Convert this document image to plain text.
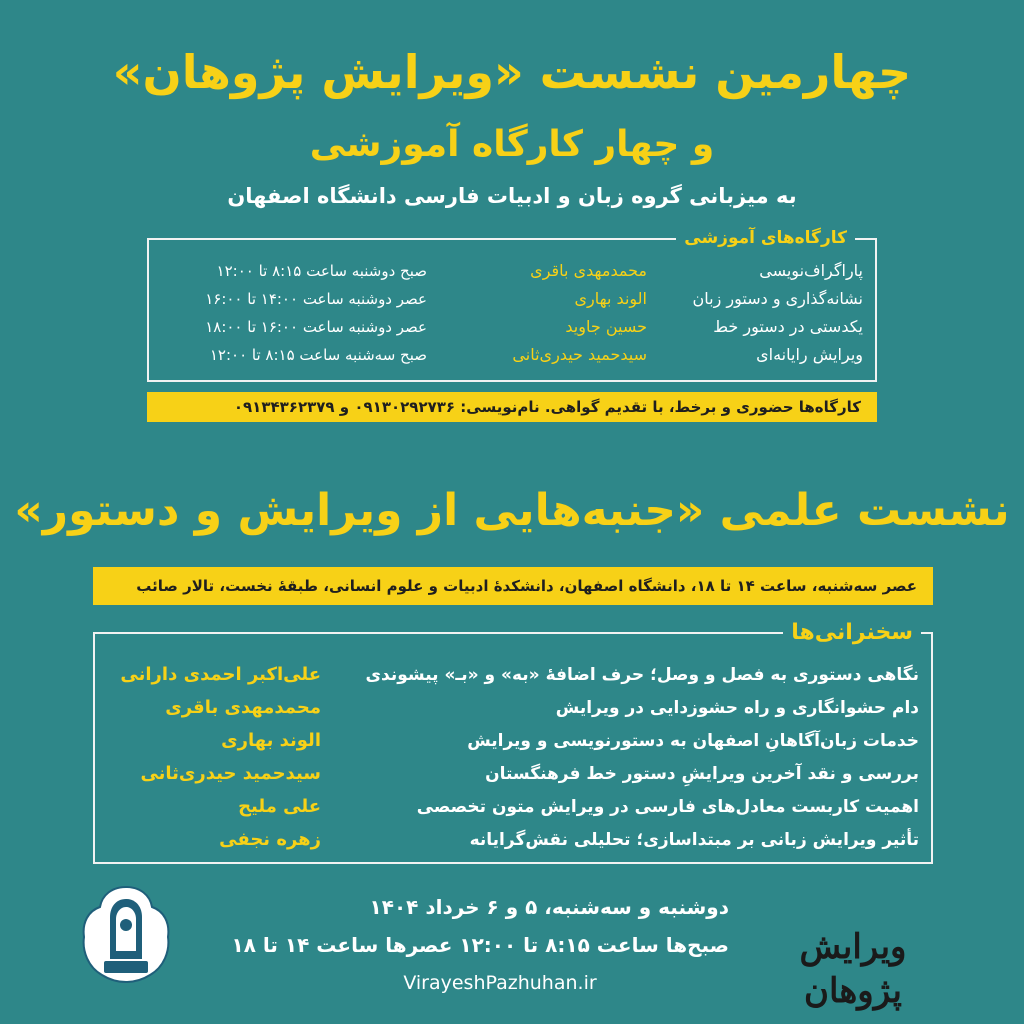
چهارمین نشست «ویرایش پژوهان»
و چهار کارگاه آموزشی
به میزبانی گروه زبان و ادبیات فارسی دانشگاه اصفهان
کارگاه‌های آموزشی
پاراگراف‌نویسی
محمدمهدی باقری
صبح دوشنبه ساعت ۸:۱۵ تا ۱۲:۰۰
نشانه‌گذاری و دستور زبان
الوند بهاری
عصر دوشنبه ساعت ۱۴:۰۰ تا ۱۶:۰۰
یکدستی در دستور خط
حسین جاوید
عصر دوشنبه ساعت ۱۶:۰۰ تا ۱۸:۰۰
ویرایش رایانه‌ای
سیدحمید حیدری‌ثانی
صبح سه‌شنبه ساعت ۸:۱۵ تا ۱۲:۰۰
کارگاه‌ها حضوری و برخط، با تقدیم گواهی. نام‌نویسی: ۰۹۱۳۰۲۹۲۷۳۶ و ۰۹۱۳۴۳۶۲۳۷۹
نشست علمی «جنبه‌هایی از ویرایش و دستور»
عصر سه‌شنبه، ساعت ۱۴ تا ۱۸، دانشگاه اصفهان، دانشکدهٔ ادبیات و علوم انسانی، طبقهٔ نخست، تالار صائب
سخنرانی‌ها
نگاهی دستوری به فصل و وصل؛ حرف اضافهٔ «به» و «بـ» پیشوندی
علی‌اکبر احمدی دارانی
دام حشوانگاری و راه حشوزدایی در ویرایش
محمدمهدی باقری
خدمات زبان‌آگاهانِ اصفهان به دستورنویسی و ویرایش
الوند بهاری
بررسی و نقد آخرین ویرایشِ دستور خط فرهنگستان
سیدحمید حیدری‌ثانی
اهمیت کاربست معادل‌های فارسی در ویرایش متون تخصصی
علی ملیح
تأثیر ویرایش زبانی بر مبتداسازی؛ تحلیلی نقش‌گرایانه
زهره نجفی
دوشنبه و سه‌شنبه، ۵ و ۶ خرداد ۱۴۰۴
صبح‌ها ساعت ۸:۱۵ تا ۱۲:۰۰ عصرها ساعت ۱۴ تا ۱۸
VirayeshPazhuhan.ir
ویرایش پژوهان
